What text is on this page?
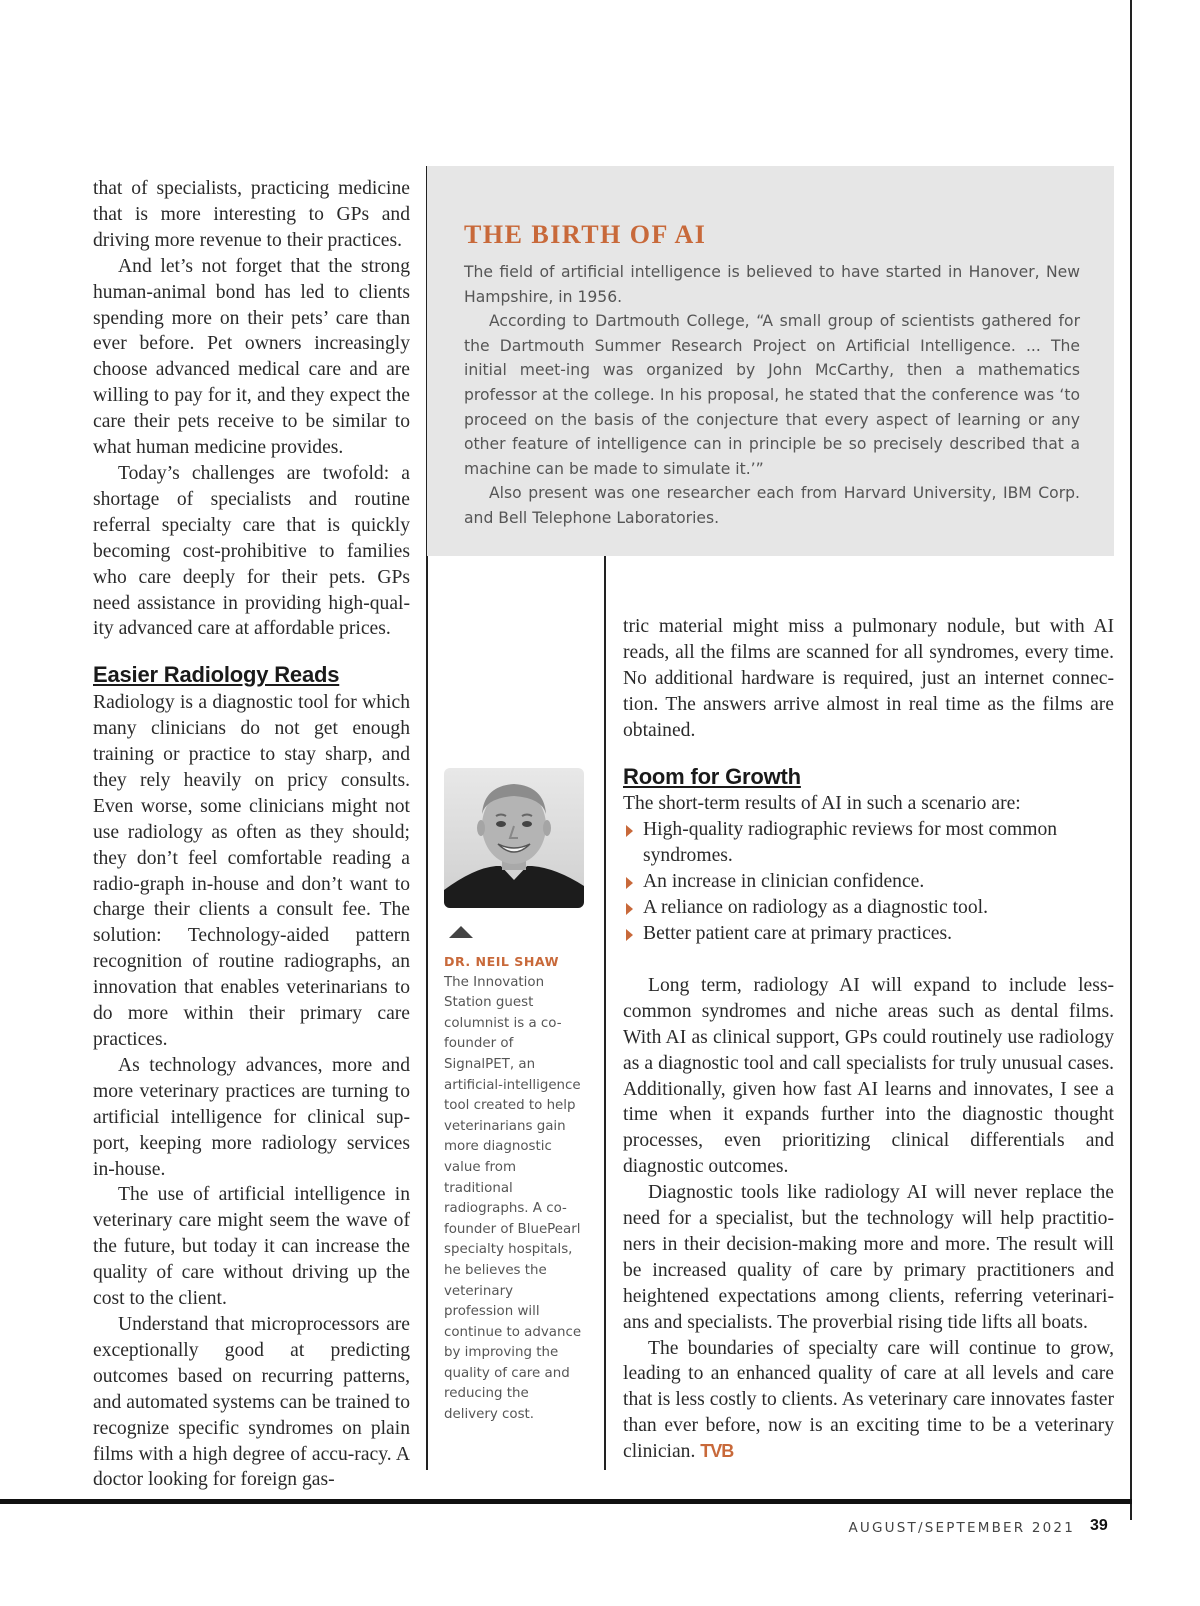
that of specialists, practicing medicine that is more interesting to GPs and driving more revenue to their practices.

And let’s not forget that the strong human-animal bond has led to clients spending more on their pets’ care than ever before. Pet owners increasingly choose advanced medical care and are willing to pay for it, and they expect the care their pets receive to be similar to what human medicine provides.

Today’s challenges are twofold: a shortage of specialists and routine referral specialty care that is quickly becoming cost-prohibitive to families who care deeply for their pets. GPs need assistance in providing high-qual-ity advanced care at affordable prices.

Easier Radiology Reads

Radiology is a diagnostic tool for which many clinicians do not get enough training or practice to stay sharp, and they rely heavily on pricy consults. Even worse, some clinicians might not use radiology as often as they should; they don’t feel comfortable reading a radio-graph in-house and don’t want to charge their clients a consult fee. The solution: Technology-aided pattern recognition of routine radiographs, an innovation that enables veterinarians to do more within their primary care practices.

As technology advances, more and more veterinary practices are turning to artificial intelligence for clinical sup-port, keeping more radiology services in-house.

The use of artificial intelligence in veterinary care might seem the wave of the future, but today it can increase the quality of care without driving up the cost to the client.

Understand that microprocessors are exceptionally good at predicting outcomes based on recurring patterns, and automated systems can be trained to recognize specific syndromes on plain films with a high degree of accu-racy. A doctor looking for foreign gas-

THE BIRTH OF AI

The field of artificial intelligence is believed to have started in Hanover, New Hampshire, in 1956.

According to Dartmouth College, “A small group of scientists gathered for the Dartmouth Summer Research Project on Artificial Intelligence. ... The initial meet-ing was organized by John McCarthy, then a mathematics professor at the college. In his proposal, he stated that the conference was ‘to proceed on the basis of the conjecture that every aspect of learning or any other feature of intelligence can in principle be so precisely described that a machine can be made to simulate it.’”

Also present was one researcher each from Harvard University, IBM Corp. and Bell Telephone Laboratories.

DR. NEIL SHAW
The Innovation Station guest columnist is a co-founder of SignalPET, an artificial-intelligence tool created to help veterinarians gain more diagnostic value from traditional radiographs. A co-founder of BluePearl specialty hospitals, he believes the veterinary profession will continue to advance by improving the quality of care and reducing the delivery cost.

tric material might miss a pulmonary nodule, but with AI reads, all the films are scanned for all syndromes, every time. No additional hardware is required, just an internet connec-tion. The answers arrive almost in real time as the films are obtained.

Room for Growth

The short-term results of AI in such a scenario are:

High-quality radiographic reviews for most common syndromes.
An increase in clinician confidence.
A reliance on radiology as a diagnostic tool.
Better patient care at primary practices.

Long term, radiology AI will expand to include less-common syndromes and niche areas such as dental films. With AI as clinical support, GPs could routinely use radiology as a diagnostic tool and call specialists for truly unusual cases. Additionally, given how fast AI learns and innovates, I see a time when it expands further into the diagnostic thought processes, even prioritizing clinical differentials and diagnostic outcomes.

Diagnostic tools like radiology AI will never replace the need for a specialist, but the technology will help practitio-ners in their decision-making more and more. The result will be increased quality of care by primary practitioners and heightened expectations among clients, referring veterinari-ans and specialists. The proverbial rising tide lifts all boats.

The boundaries of specialty care will continue to grow, leading to an enhanced quality of care at all levels and care that is less costly to clients. As veterinary care innovates faster than ever before, now is an exciting time to be a veterinary clinician. TVB

AUGUST/SEPTEMBER 2021 39
